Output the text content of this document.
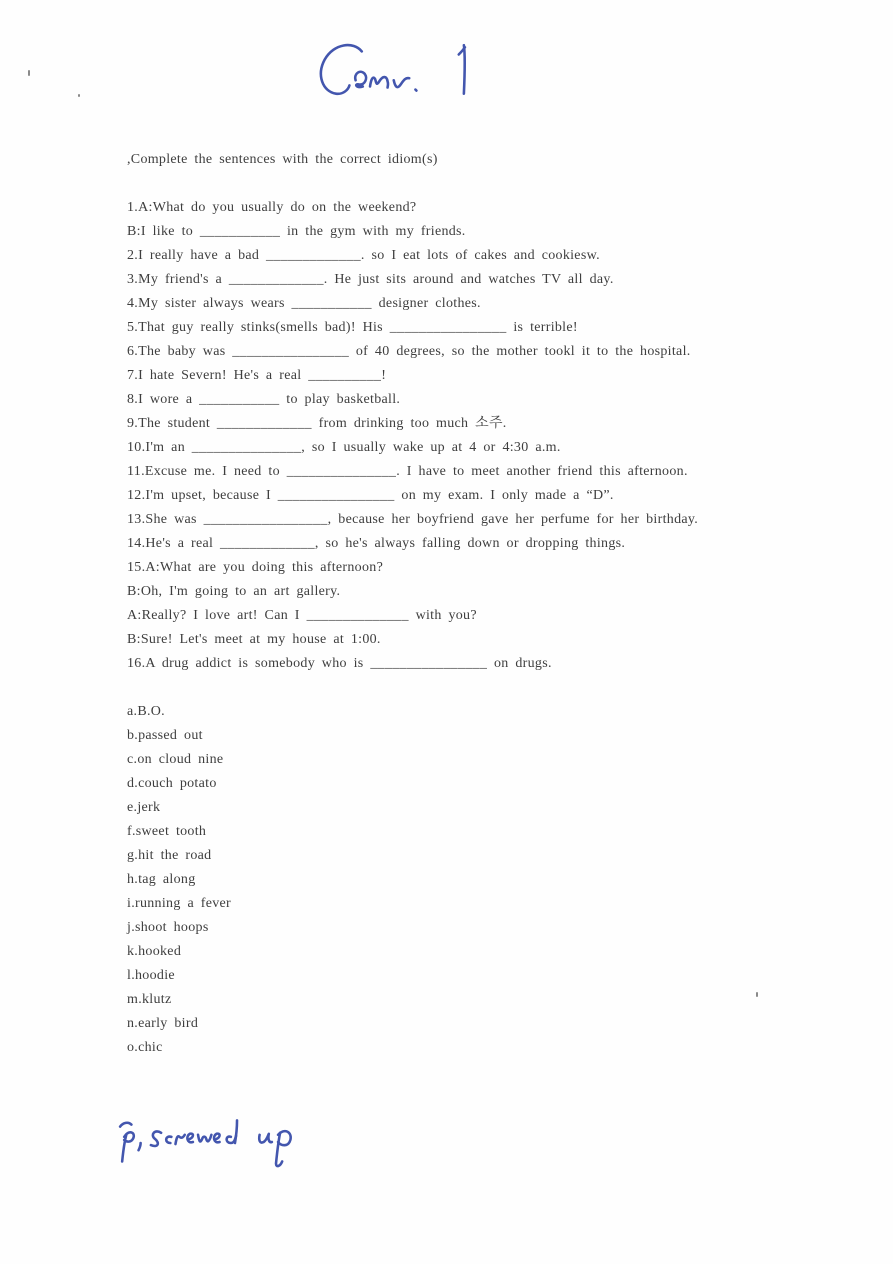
,Complete the sentences with the correct idiom(s)

1.A:What do you usually do on the weekend?

B:I like to ___________ in the gym with my friends.

2.I really have a bad _____________. so I eat lots of cakes and cookiesw.

3.My friend's a _____________. He just sits around and watches TV all day.

4.My sister always wears ___________ designer clothes.

5.That guy really stinks(smells bad)! His ________________ is terrible!

6.The baby was ________________ of 40 degrees, so the mother tookl it to the hospital.

7.I hate Severn! He's a real __________!

8.I wore a ___________ to play basketball.

9.The student _____________ from drinking too much 소주.

10.I'm an _______________, so I usually wake up at 4 or 4:30 a.m.

11.Excuse me. I need to _______________. I have to meet another friend this afternoon.

12.I'm upset, because I ________________ on my exam. I only made a “D”.

13.She was _________________, because her boyfriend gave her perfume for her birthday.

14.He's a real _____________, so he's always falling down or dropping things.

15.A:What are you doing this afternoon?

B:Oh, I'm going to an art gallery.

A:Really? I love art! Can I ______________ with you?

B:Sure! Let's meet at my house at 1:00.

16.A drug addict is somebody who is ________________ on drugs.

a.B.O.

b.passed out

c.on cloud nine

d.couch potato

e.jerk

f.sweet tooth

g.hit the road

h.tag along

i.running a fever

j.shoot hoops

k.hooked

l.hoodie

m.klutz

n.early bird

o.chic
